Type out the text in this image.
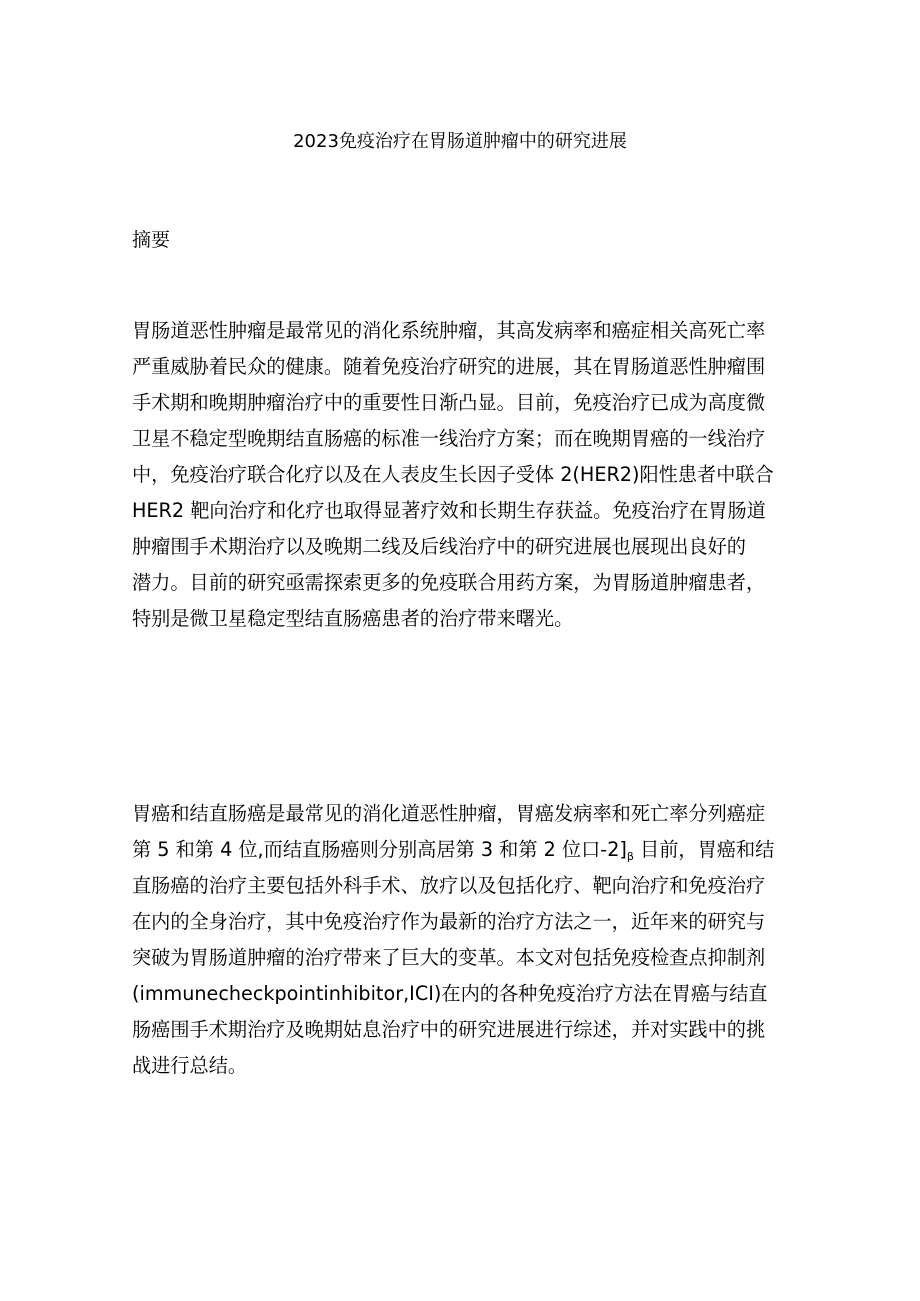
2023免疫治疗在胃肠道肿瘤中的研究进展
摘要
胃肠道恶性肿瘤是最常见的消化系统肿瘤，其高发病率和癌症相关高死亡率
严重威胁着民众的健康。随着免疫治疗研究的进展，其在胃肠道恶性肿瘤围
手术期和晚期肿瘤治疗中的重要性日渐凸显。目前，免疫治疗已成为高度微
卫星不稳定型晚期结直肠癌的标准一线治疗方案；而在晚期胃癌的一线治疗
中，免疫治疗联合化疗以及在人表皮生长因子受体 2(HER2)阳性患者中联合
HER2 靶向治疗和化疗也取得显著疗效和长期生存获益。免疫治疗在胃肠道
肿瘤围手术期治疗以及晚期二线及后线治疗中的研究进展也展现出良好的
潜力。目前的研究亟需探索更多的免疫联合用药方案，为胃肠道肿瘤患者，
特别是微卫星稳定型结直肠癌患者的治疗带来曙光。
胃癌和结直肠癌是最常见的消化道恶性肿瘤，胃癌发病率和死亡率分列癌症
第 5 和第 4 位,而结直肠癌则分别高居第 3 和第 2 位口$-2]_\beta$ 目前，胃癌和结
直肠癌的治疗主要包括外科手术、放疗以及包括化疗、靶向治疗和免疫治疗
在内的全身治疗，其中免疫治疗作为最新的治疗方法之一，近年来的研究与
突破为胃肠道肿瘤的治疗带来了巨大的变革。本文对包括免疫检查点抑制剂
(immunecheckpointinhibitor,ICI)在内的各种免疫治疗方法在胃癌与结直
肠癌围手术期治疗及晚期姑息治疗中的研究进展进行综述，并对实践中的挑
战进行总结。
